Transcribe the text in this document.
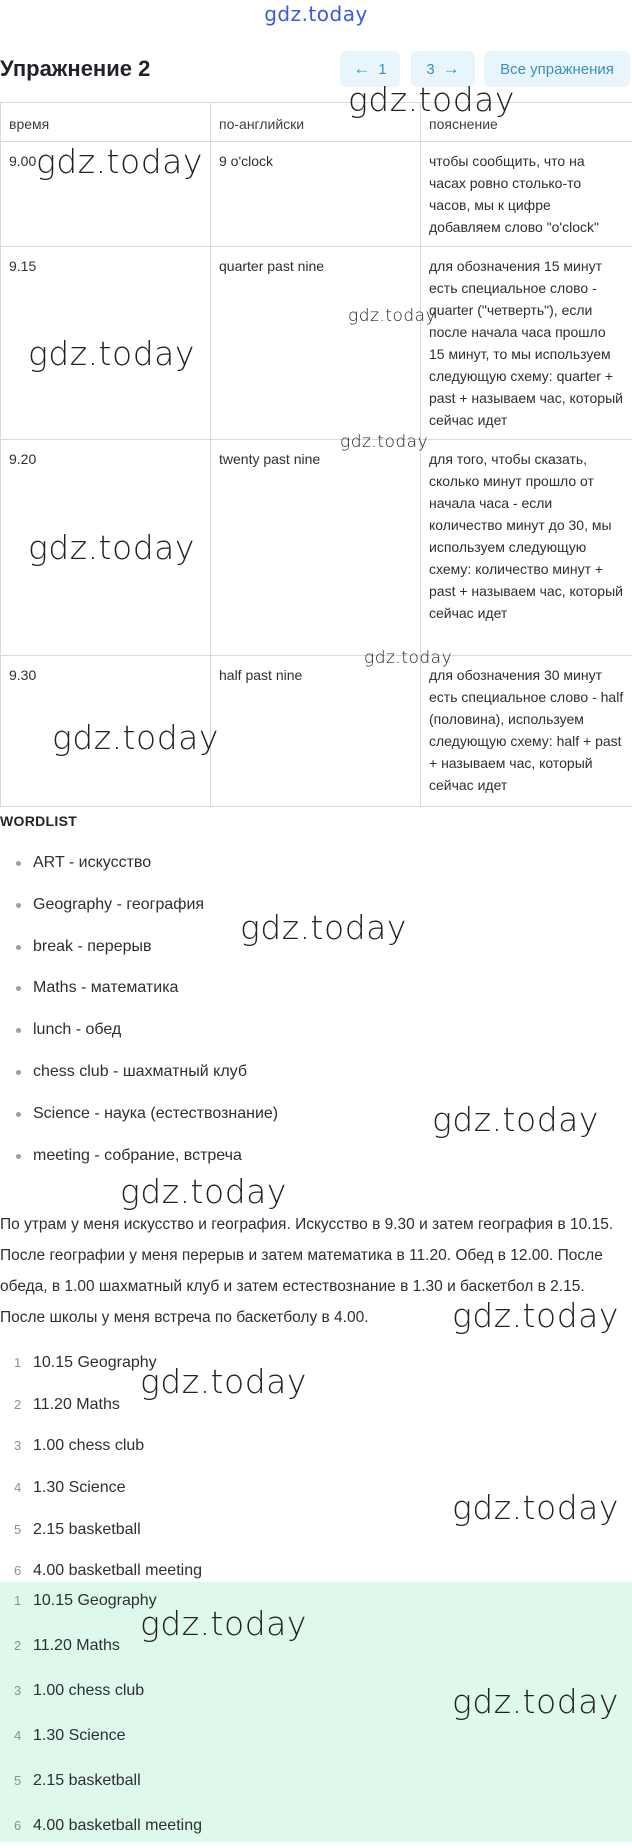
gdz.today
Упражнение 2	← 1	3 →	Все упражнения
время	по-английски	пояснение
9.00	9 o'clock	чтобы сообщить, что на часах ровно столько-то часов, мы к цифре добавляем слово "o'clock"
9.15	quarter past nine	для обозначения 15 минут есть специальное слово - quarter ("четверть"), если после начала часа прошло 15 минут, то мы используем следующую схему: quarter + past + называем час, который сейчас идет
9.20	twenty past nine	для того, чтобы сказать, сколько минут прошло от начала часа - если количество минут до 30, мы используем следующую схему: количество минут + past + называем час, который сейчас идет
9.30	half past nine	для обозначения 30 минут есть специальное слово - half (половина), используем следующую схему: half + past + называем час, который сейчас идет
WORDLIST
ART - искусство
Geography - география
break - перерыв
Maths - математика
lunch - обед
chess club - шахматный клуб
Science - наука (естествознание)
meeting - собрание, встреча
По утрам у меня искусство и география. Искусство в 9.30 и затем география в 10.15. После географии у меня перерыв и затем математика в 11.20. Обед в 12.00. После обеда, в 1.00 шахматный клуб и затем естествознание в 1.30 и баскетбол в 2.15. После школы у меня встреча по баскетболу в 4.00.
1 10.15 Geography
2 11.20 Maths
3 1.00 chess club
4 1.30 Science
5 2.15 basketball
6 4.00 basketball meeting
1 10.15 Geography
2 11.20 Maths
3 1.00 chess club
4 1.30 Science
5 2.15 basketball
6 4.00 basketball meeting
gdz.today
gdz.today
gdz.today
gdz.today
gdz.today
gdz.today
gdz.today
gdz.today
gdz.today
gdz.today
gdz.today
gdz.today
gdz.today
gdz.today
gdz.today
gdz.today
